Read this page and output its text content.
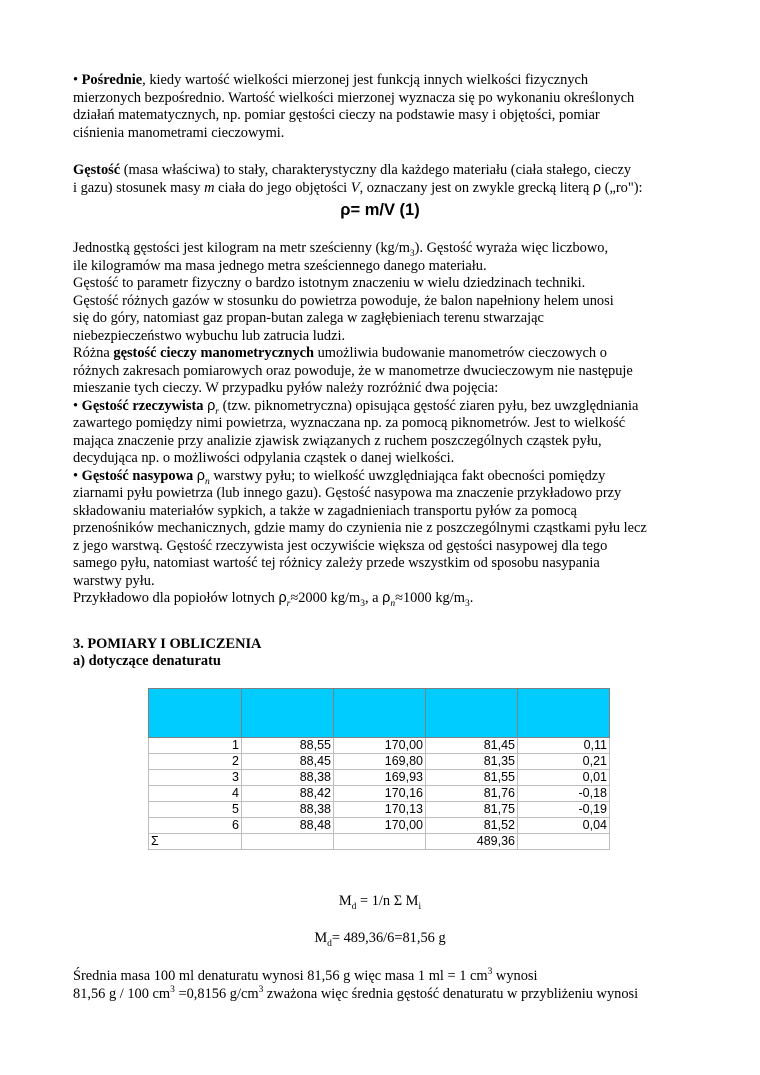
• Pośrednie, kiedy wartość wielkości mierzonej jest funkcją innych wielkości fizycznych
mierzonych bezpośrednio. Wartość wielkości mierzonej wyznacza się po wykonaniu określonych
działań matematycznych, np. pomiar gęstości cieczy na podstawie masy i objętości, pomiar
ciśnienia manometrami cieczowymi.
Gęstość (masa właściwa) to stały, charakterystyczny dla każdego materiału (ciała stałego, cieczy
i gazu) stosunek masy m ciała do jego objętości V, oznaczany jest on zwykle grecką literą ρ („ro"):
ρ= m/V (1)
Jednostką gęstości jest kilogram na metr sześcienny $(kg/m_3)$. Gęstość wyraża więc liczbowo,
ile kilogramów ma masa jednego metra sześciennego danego materiału.
Gęstość to parametr fizyczny o bardzo istotnym znaczeniu w wielu dziedzinach techniki.
Gęstość różnych gazów w stosunku do powietrza powoduje, że balon napełniony helem unosi
się do góry, natomiast gaz propan-butan zalega w zagłębieniach terenu stwarzając
niebezpieczeństwo wybuchu lub zatrucia ludzi.
Różna gęstość cieczy manometrycznych umożliwia budowanie manometrów cieczowych o
różnych zakresach pomiarowych oraz powoduje, że w manometrze dwucieczowym nie następuje
mieszanie tych cieczy. W przypadku pyłów należy rozróżnić dwa pojęcia:
• Gęstość rzeczywista $\rho_r$ (tzw. piknometryczna) opisująca gęstość ziaren pyłu, bez uwzględniania
zawartego pomiędzy nimi powietrza, wyznaczana np. za pomocą piknometrów. Jest to wielkość
mająca znaczenie przy analizie zjawisk związanych z ruchem poszczególnych cząstek pyłu,
decydująca np. o możliwości odpylania cząstek o danej wielkości.
• Gęstość nasypowa $\rho_n$ warstwy pyłu; to wielkość uwzględniająca fakt obecności pomiędzy
ziarnami pyłu powietrza (lub innego gazu). Gęstość nasypowa ma znaczenie przykładowo przy
składowaniu materiałów sypkich, a także w zagadnieniach transportu pyłów za pomocą
przenośników mechanicznych, gdzie mamy do czynienia nie z poszczególnymi cząstkami pyłu lecz
z jego warstwą. Gęstość rzeczywista jest oczywiście większa od gęstości nasypowej dla tego
samego pyłu, natomiast wartość tej różnicy zależy przede wszystkim od sposobu nasypania
warstwy pyłu.
Przykładowo dla popiołów lotnych $\rho_r\approx 2000$ $kg/m_3$, a $\rho_n\approx 1000$ $kg/m_3$.
3. POMIARY I OBLICZENIA
a) dotyczące denaturatu

1	88,55	170,00	81,45	0,11
2	88,45	169,80	81,35	0,21
3	88,38	169,93	81,55	0,01
4	88,42	170,16	81,76	-0,18
5	88,38	170,13	81,75	-0,19
6	88,48	170,00	81,52	0,04
Σ			489,36	
$M_d = 1/n$ Σ $M_i$
$M_d= 489,36/6=81,56$ g
Średnia masa 100 ml denaturatu wynosi 81,56 g więc masa 1 ml = 1 $cm^3$ wynosi
81,56 g / 100 $cm^3 =0,8156$ $g/cm^3$ zważona więc średnia gęstość denaturatu w przybliżeniu wynosi
